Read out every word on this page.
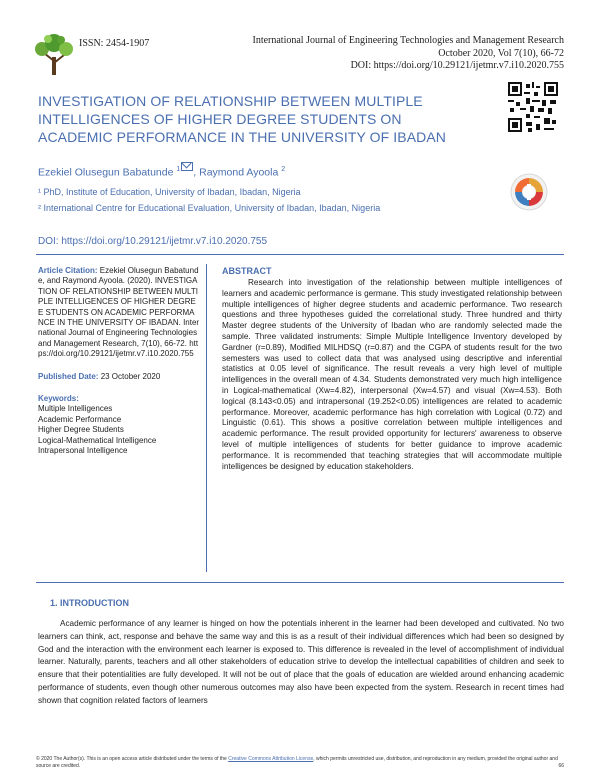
ISSN: 2454-1907	International Journal of Engineering Technologies and Management Research
October 2020, Vol 7(10), 66-72
DOI: https://doi.org/10.29121/ijetmr.v7.i10.2020.755
INVESTIGATION OF RELATIONSHIP BETWEEN MULTIPLE INTELLIGENCES OF HIGHER DEGREE STUDENTS ON ACADEMIC PERFORMANCE IN THE UNIVERSITY OF IBADAN
Ezekiel Olusegun Babatunde $^1$ , Raymond Ayoola $^2$
¹ PhD, Institute of Education, University of Ibadan, Ibadan, Nigeria
² International Centre for Educational Evaluation, University of Ibadan, Ibadan, Nigeria
DOI: https://doi.org/10.29121/ijetmr.v7.i10.2020.755
Article Citation: Ezekiel Olusegun Babatunde, and Raymond Ayoola. (2020). INVESTIGATION OF RELATIONSHIP BETWEEN MULTIPLE INTELLIGENCES OF HIGHER DEGREE STUDENTS ON ACADEMIC PERFORMANCE IN THE UNIVERSITY OF IBADAN. International Journal of Engineering Technologies and Management Research, 7(10), 66-72. https://doi.org/10.29121/ijetmr.v7.i10.2020.755
Published Date: 23 October 2020
Keywords:
Multiple Intelligences
Academic Performance
Higher Degree Students
Logical-Mathematical Intelligence
Intrapersonal Intelligence
ABSTRACT
Research into investigation of the relationship between multiple intelligences of learners and academic performance is germane. This study investigated relationship between multiple intelligences of higher degree students and academic performance. Two research questions and three hypotheses guided the correlational study. Three hundred and thirty Master degree students of the University of Ibadan who are randomly selected made the sample. Three validated instruments: Simple Multiple Intelligence Inventory developed by Gardner (r=0.89), Modified MILHDSQ (r=0.87) and the CGPA of students result for the two semesters was used to collect data that was analysed using descriptive and inferential statistics at 0.05 level of significance. The result reveals a very high level of multiple intelligences in the overall mean of 4.34. Students demonstrated very much high intelligence in Logical-mathematical (Xw=4.82), interpersonal (Xw=4.57) and visual (Xw=4.53). Both logical (8.143<0.05) and intrapersonal (19.252<0.05) intelligences are related to academic performance. Moreover, academic performance has high correlation with Logical (0.72) and Linguistic (0.61). This shows a positive correlation between multiple intelligences and academic performance. The result provided opportunity for lecturers' awareness to observe level of multiple intelligences of students for better guidance to improve academic performance. It is recommended that teaching strategies that will accommodate multiple intelligences be designed by education stakeholders.
1. INTRODUCTION
Academic performance of any learner is hinged on how the potentials inherent in the learner had been developed and cultivated. No two learners can think, act, response and behave the same way and this is as a result of their individual differences which had been so designed by God and the interaction with the environment each learner is exposed to. This difference is revealed in the level of accomplishment of individual learner. Naturally, parents, teachers and all other stakeholders of education strive to develop the intellectual capabilities of children and seek to ensure that their potentialities are fully developed. It will not be out of place that the goals of education are wielded around enhancing academic performance of students, even though other numerous outcomes may also have been expected from the system. Research in recent times had shown that cognition related factors of learners
© 2020 The Author(s). This is an open access article distributed under the terms of the Creative Commons Attribution License, which permits unrestricted use, distribution, and reproduction in any medium, provided the original author and source are credited.	66
